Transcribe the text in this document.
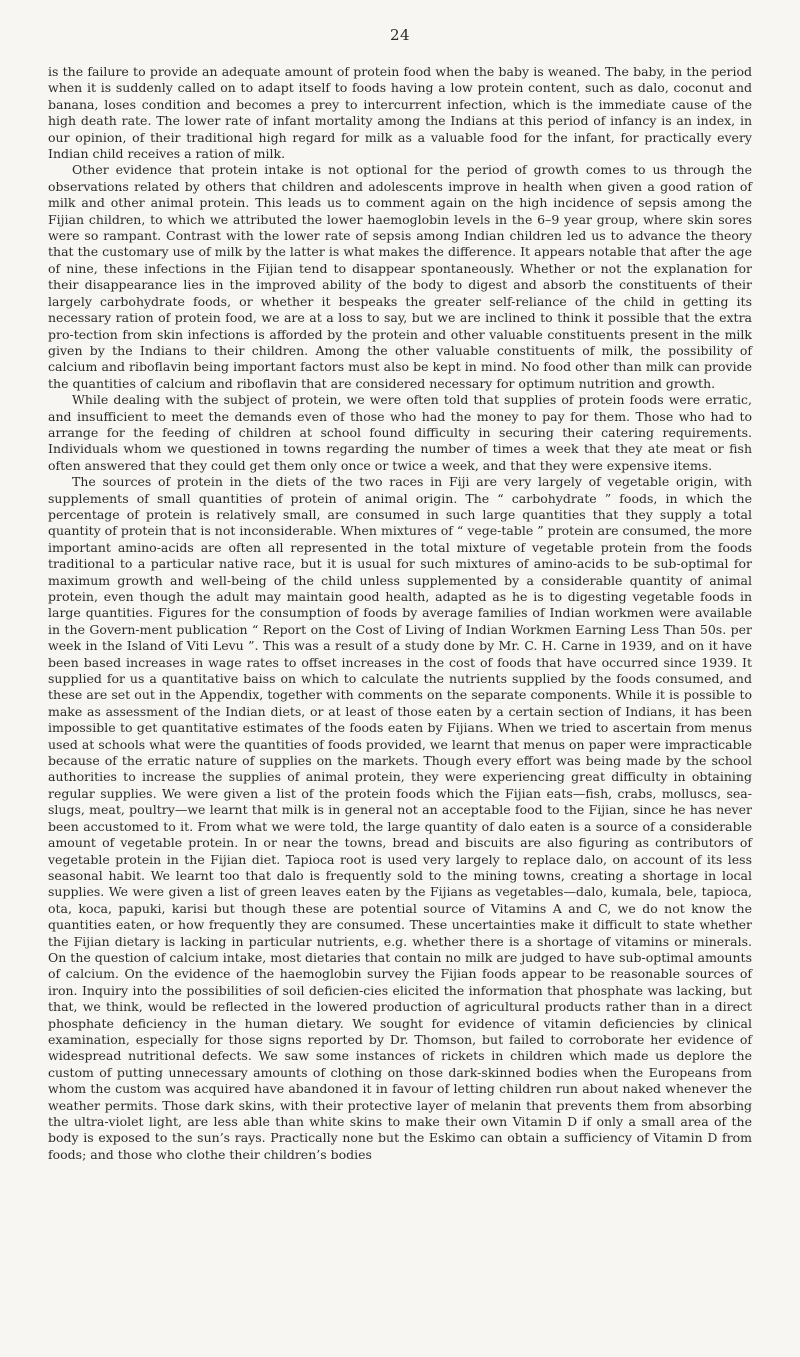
24

is the failure to provide an adequate amount of protein food when the baby is weaned. The baby, in the period when it is suddenly called on to adapt itself to foods having a low protein content, such as dalo, coconut and banana, loses condition and becomes a prey to intercurrent infection, which is the immediate cause of the high death rate. The lower rate of infant mortality among the Indians at this period of infancy is an index, in our opinion, of their traditional high regard for milk as a valuable food for the infant, for practically every Indian child receives a ration of milk.

Other evidence that protein intake is not optional for the period of growth comes to us through the observations related by others that children and adolescents improve in health when given a good ration of milk and other animal protein. This leads us to comment again on the high incidence of sepsis among the Fijian children, to which we attributed the lower haemoglobin levels in the 6–9 year group, where skin sores were so rampant. Contrast with the lower rate of sepsis among Indian children led us to advance the theory that the customary use of milk by the latter is what makes the difference. It appears notable that after the age of nine, these infections in the Fijian tend to disappear spontaneously. Whether or not the explanation for their disappearance lies in the improved ability of the body to digest and absorb the constituents of their largely carbohydrate foods, or whether it bespeaks the greater self-reliance of the child in getting its necessary ration of protein food, we are at a loss to say, but we are inclined to think it possible that the extra pro-tection from skin infections is afforded by the protein and other valuable constituents present in the milk given by the Indians to their children. Among the other valuable constituents of milk, the possibility of calcium and riboflavin being important factors must also be kept in mind. No food other than milk can provide the quantities of calcium and riboflavin that are considered necessary for optimum nutrition and growth.

While dealing with the subject of protein, we were often told that supplies of protein foods were erratic, and insufficient to meet the demands even of those who had the money to pay for them. Those who had to arrange for the feeding of children at school found difficulty in securing their catering requirements. Individuals whom we questioned in towns regarding the number of times a week that they ate meat or fish often answered that they could get them only once or twice a week, and that they were expensive items.

The sources of protein in the diets of the two races in Fiji are very largely of vegetable origin, with supplements of small quantities of protein of animal origin. The “ carbohydrate ” foods, in which the percentage of protein is relatively small, are consumed in such large quantities that they supply a total quantity of protein that is not inconsiderable. When mixtures of “ vege-table ” protein are consumed, the more important amino-acids are often all represented in the total mixture of vegetable protein from the foods traditional to a particular native race, but it is usual for such mixtures of amino-acids to be sub-optimal for maximum growth and well-being of the child unless supplemented by a considerable quantity of animal protein, even though the adult may maintain good health, adapted as he is to digesting vegetable foods in large quantities. Figures for the consumption of foods by average families of Indian workmen were available in the Govern-ment publication “ Report on the Cost of Living of Indian Workmen Earning Less Than 50s. per week in the Island of Viti Levu ”. This was a result of a study done by Mr. C. H. Carne in 1939, and on it have been based increases in wage rates to offset increases in the cost of foods that have occurred since 1939. It supplied for us a quantitative baiss on which to calculate the nutrients supplied by the foods consumed, and these are set out in the Appendix, together with comments on the separate components. While it is possible to make as assessment of the Indian diets, or at least of those eaten by a certain section of Indians, it has been impossible to get quantitative estimates of the foods eaten by Fijians. When we tried to ascertain from menus used at schools what were the quantities of foods provided, we learnt that menus on paper were impracticable because of the erratic nature of supplies on the markets. Though every effort was being made by the school authorities to increase the supplies of animal protein, they were experiencing great difficulty in obtaining regular supplies. We were given a list of the protein foods which the Fijian eats—fish, crabs, molluscs, sea-slugs, meat, poultry—we learnt that milk is in general not an acceptable food to the Fijian, since he has never been accustomed to it. From what we were told, the large quantity of dalo eaten is a source of a considerable amount of vegetable protein. In or near the towns, bread and biscuits are also figuring as contributors of vegetable protein in the Fijian diet. Tapioca root is used very largely to replace dalo, on account of its less seasonal habit. We learnt too that dalo is frequently sold to the mining towns, creating a shortage in local supplies. We were given a list of green leaves eaten by the Fijians as vegetables—dalo, kumala, bele, tapioca, ota, koca, papuki, karisi but though these are potential source of Vitamins A and C, we do not know the quantities eaten, or how frequently they are consumed. These uncertainties make it difficult to state whether the Fijian dietary is lacking in particular nutrients, e.g. whether there is a shortage of vitamins or minerals. On the question of calcium intake, most dietaries that contain no milk are judged to have sub-optimal amounts of calcium. On the evidence of the haemoglobin survey the Fijian foods appear to be reasonable sources of iron. Inquiry into the possibilities of soil deficien-cies elicited the information that phosphate was lacking, but that, we think, would be reflected in the lowered production of agricultural products rather than in a direct phosphate deficiency in the human dietary. We sought for evidence of vitamin deficiencies by clinical examination, especially for those signs reported by Dr. Thomson, but failed to corroborate her evidence of widespread nutritional defects. We saw some instances of rickets in children which made us deplore the custom of putting unnecessary amounts of clothing on those dark-skinned bodies when the Europeans from whom the custom was acquired have abandoned it in favour of letting children run about naked whenever the weather permits. Those dark skins, with their protective layer of melanin that prevents them from absorbing the ultra-violet light, are less able than white skins to make their own Vitamin D if only a small area of the body is exposed to the sun’s rays. Practically none but the Eskimo can obtain a sufficiency of Vitamin D from foods; and those who clothe their children’s bodies
